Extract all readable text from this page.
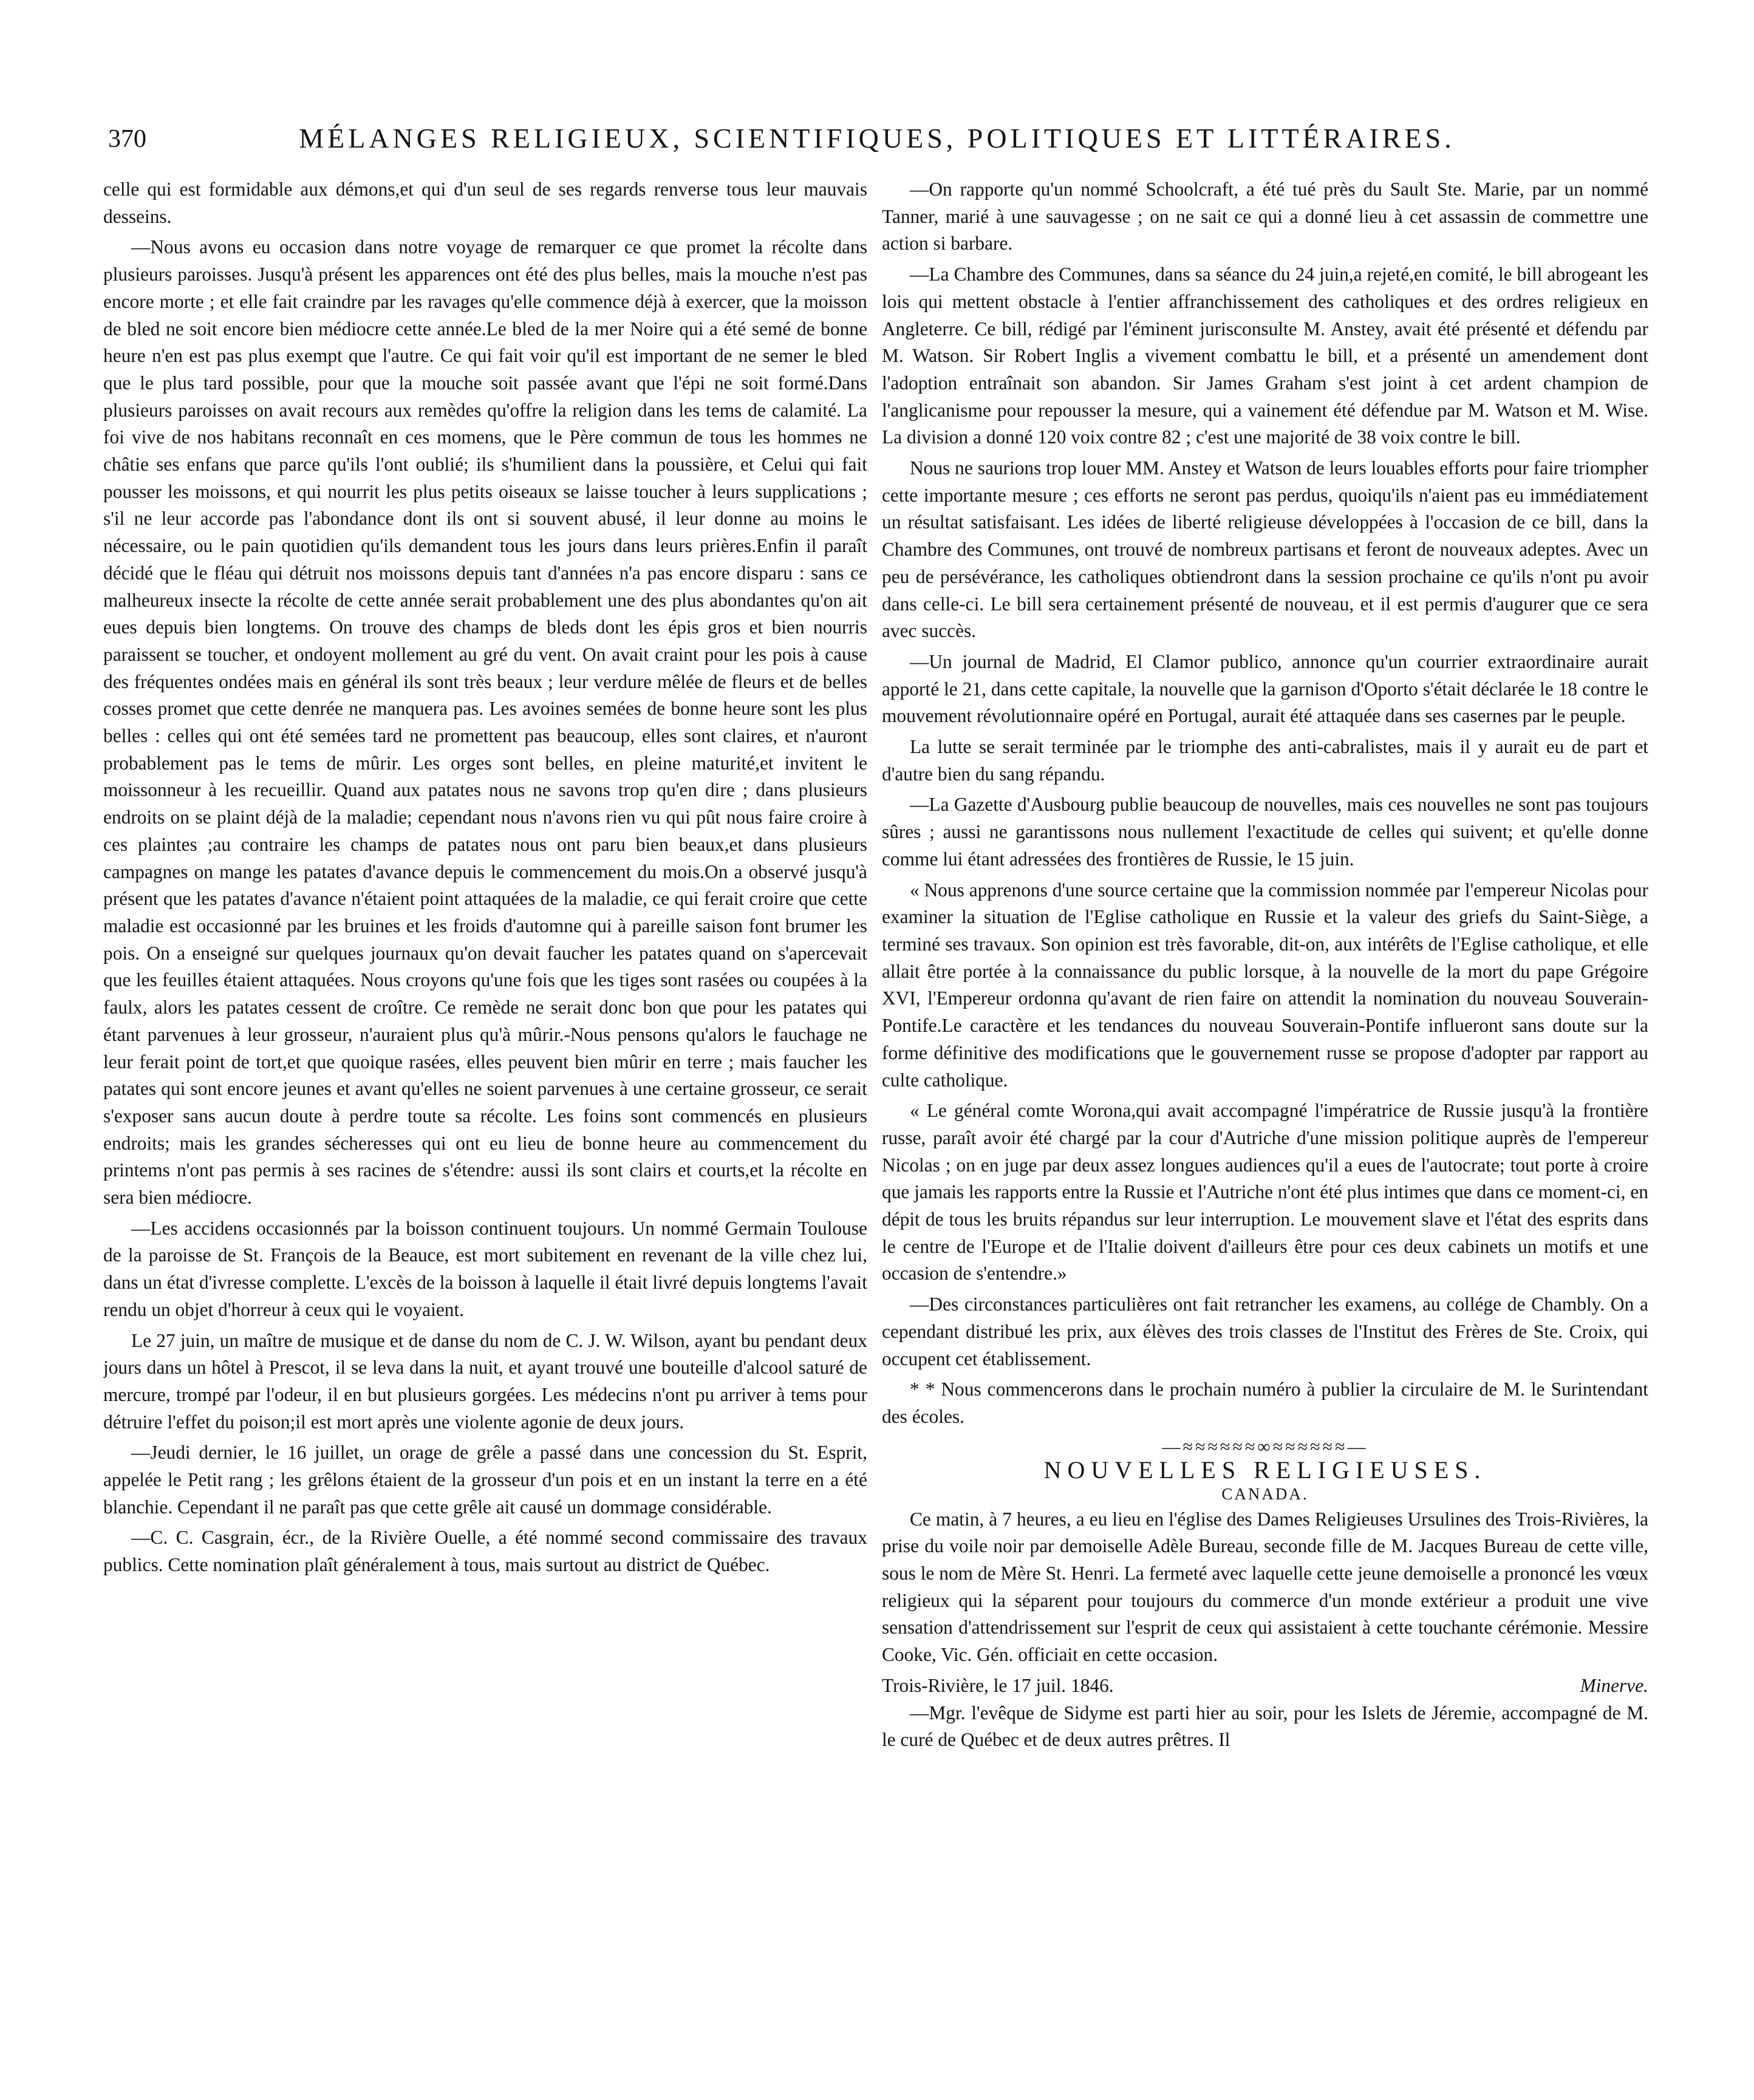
370	MÉLANGES RELIGIEUX, SCIENTIFIQUES, POLITIQUES ET LITTÉRAIRES.

celle qui est formidable aux démons,et qui d'un seul de ses regards renverse tous leur mauvais desseins.

—Nous avons eu occasion dans notre voyage de remarquer ce que promet la récolte dans plusieurs paroisses. Jusqu'à présent les apparences ont été des plus belles, mais la mouche n'est pas encore morte ; et elle fait craindre par les ravages qu'elle commence déjà à exercer, que la moisson de bled ne soit encore bien médiocre cette année.Le bled de la mer Noire qui a été semé de bonne heure n'en est pas plus exempt que l'autre. Ce qui fait voir qu'il est important de ne semer le bled que le plus tard possible, pour que la mouche soit passée avant que l'épi ne soit formé.Dans plusieurs paroisses on avait recours aux remèdes qu'offre la religion dans les tems de calamité. La foi vive de nos habitans reconnaît en ces momens, que le Père commun de tous les hommes ne châtie ses enfans que parce qu'ils l'ont oublié; ils s'humilient dans la poussière, et Celui qui fait pousser les moissons, et qui nourrit les plus petits oiseaux se laisse toucher à leurs supplications ; s'il ne leur accorde pas l'abondance dont ils ont si souvent abusé, il leur donne au moins le nécessaire, ou le pain quotidien qu'ils demandent tous les jours dans leurs prières.Enfin il paraît décidé que le fléau qui détruit nos moissons depuis tant d'années n'a pas encore disparu : sans ce malheureux insecte la récolte de cette année serait probablement une des plus abondantes qu'on ait eues depuis bien longtems. On trouve des champs de bleds dont les épis gros et bien nourris paraissent se toucher, et ondoyent mollement au gré du vent. On avait craint pour les pois à cause des fréquentes ondées mais en général ils sont très beaux ; leur verdure mêlée de fleurs et de belles cosses promet que cette denrée ne manquera pas. Les avoines semées de bonne heure sont les plus belles : celles qui ont été semées tard ne promettent pas beaucoup, elles sont claires, et n'auront probablement pas le tems de mûrir. Les orges sont belles, en pleine maturité,et invitent le moissonneur à les recueillir. Quand aux patates nous ne savons trop qu'en dire ; dans plusieurs endroits on se plaint déjà de la maladie; cependant nous n'avons rien vu qui pût nous faire croire à ces plaintes ;au contraire les champs de patates nous ont paru bien beaux,et dans plusieurs campagnes on mange les patates d'avance depuis le commencement du mois.On a observé jusqu'à présent que les patates d'avance n'étaient point attaquées de la maladie, ce qui ferait croire que cette maladie est occasionné par les bruines et les froids d'automne qui à pareille saison font brumer les pois. On a enseigné sur quelques journaux qu'on devait faucher les patates quand on s'apercevait que les feuilles étaient attaquées. Nous croyons qu'une fois que les tiges sont rasées ou coupées à la faulx, alors les patates cessent de croître. Ce remède ne serait donc bon que pour les patates qui étant parvenues à leur grosseur, n'auraient plus qu'à mûrir.-Nous pensons qu'alors le fauchage ne leur ferait point de tort,et que quoique rasées, elles peuvent bien mûrir en terre ; mais faucher les patates qui sont encore jeunes et avant qu'elles ne soient parvenues à une certaine grosseur, ce serait s'exposer sans aucun doute à perdre toute sa récolte. Les foins sont commencés en plusieurs endroits; mais les grandes sécheresses qui ont eu lieu de bonne heure au commencement du printems n'ont pas permis à ses racines de s'étendre: aussi ils sont clairs et courts,et la récolte en sera bien médiocre.

—Les accidens occasionnés par la boisson continuent toujours. Un nommé Germain Toulouse de la paroisse de St. François de la Beauce, est mort subitement en revenant de la ville chez lui, dans un état d'ivresse complette. L'excès de la boisson à laquelle il était livré depuis longtems l'avait rendu un objet d'horreur à ceux qui le voyaient.

Le 27 juin, un maître de musique et de danse du nom de C. J. W. Wilson, ayant bu pendant deux jours dans un hôtel à Prescot, il se leva dans la nuit, et ayant trouvé une bouteille d'alcool saturé de mercure, trompé par l'odeur, il en but plusieurs gorgées. Les médecins n'ont pu arriver à tems pour détruire l'effet du poison;il est mort après une violente agonie de deux jours.

—Jeudi dernier, le 16 juillet, un orage de grêle a passé dans une concession du St. Esprit, appelée le Petit rang ; les grêlons étaient de la grosseur d'un pois et en un instant la terre en a été blanchie. Cependant il ne paraît pas que cette grêle ait causé un dommage considérable.

—C. C. Casgrain, écr., de la Rivière Ouelle, a été nommé second commissaire des travaux publics. Cette nomination plaît généralement à tous, mais surtout au district de Québec.

—On rapporte qu'un nommé Schoolcraft, a été tué près du Sault Ste. Marie, par un nommé Tanner, marié à une sauvagesse ; on ne sait ce qui a donné lieu à cet assassin de commettre une action si barbare.

—La Chambre des Communes, dans sa séance du 24 juin,a rejeté,en comité, le bill abrogeant les lois qui mettent obstacle à l'entier affranchissement des catholiques et des ordres religieux en Angleterre. Ce bill, rédigé par l'éminent jurisconsulte M. Anstey, avait été présenté et défendu par M. Watson. Sir Robert Inglis a vivement combattu le bill, et a présenté un amendement dont l'adoption entraînait son abandon. Sir James Graham s'est joint à cet ardent champion de l'anglicanisme pour repousser la mesure, qui a vainement été défendue par M. Watson et M. Wise. La division a donné 120 voix contre 82 ; c'est une majorité de 38 voix contre le bill.

Nous ne saurions trop louer MM. Anstey et Watson de leurs louables efforts pour faire triompher cette importante mesure ; ces efforts ne seront pas perdus, quoiqu'ils n'aient pas eu immédiatement un résultat satisfaisant. Les idées de liberté religieuse développées à l'occasion de ce bill, dans la Chambre des Communes, ont trouvé de nombreux partisans et feront de nouveaux adeptes. Avec un peu de persévérance, les catholiques obtiendront dans la session prochaine ce qu'ils n'ont pu avoir dans celle-ci. Le bill sera certainement présenté de nouveau, et il est permis d'augurer que ce sera avec succès.

—Un journal de Madrid, El Clamor publico, annonce qu'un courrier extraordinaire aurait apporté le 21, dans cette capitale, la nouvelle que la garnison d'Oporto s'était déclarée le 18 contre le mouvement révolutionnaire opéré en Portugal, aurait été attaquée dans ses casernes par le peuple.

La lutte se serait terminée par le triomphe des anti-cabralistes, mais il y aurait eu de part et d'autre bien du sang répandu.

—La Gazette d'Ausbourg publie beaucoup de nouvelles, mais ces nouvelles ne sont pas toujours sûres ; aussi ne garantissons nous nullement l'exactitude de celles qui suivent; et qu'elle donne comme lui étant adressées des frontières de Russie, le 15 juin.

« Nous apprenons d'une source certaine que la commission nommée par l'empereur Nicolas pour examiner la situation de l'Eglise catholique en Russie et la valeur des griefs du Saint-Siège, a terminé ses travaux. Son opinion est très favorable, dit-on, aux intérêts de l'Eglise catholique, et elle allait être portée à la connaissance du public lorsque, à la nouvelle de la mort du pape Grégoire XVI, l'Empereur ordonna qu'avant de rien faire on attendit la nomination du nouveau Souverain-Pontife.Le caractère et les tendances du nouveau Souverain-Pontife influeront sans doute sur la forme définitive des modifications que le gouvernement russe se propose d'adopter par rapport au culte catholique.

« Le général comte Worona,qui avait accompagné l'impératrice de Russie jusqu'à la frontière russe, paraît avoir été chargé par la cour d'Autriche d'une mission politique auprès de l'empereur Nicolas ; on en juge par deux assez longues audiences qu'il a eues de l'autocrate; tout porte à croire que jamais les rapports entre la Russie et l'Autriche n'ont été plus intimes que dans ce moment-ci, en dépit de tous les bruits répandus sur leur interruption. Le mouvement slave et l'état des esprits dans le centre de l'Europe et de l'Italie doivent d'ailleurs être pour ces deux cabinets un motifs et une occasion de s'entendre.»

—Des circonstances particulières ont fait retrancher les examens, au collége de Chambly. On a cependant distribué les prix, aux élèves des trois classes de l'Institut des Frères de Ste. Croix, qui occupent cet établissement.

* * Nous commencerons dans le prochain numéro à publier la circulaire de M. le Surintendant des écoles.

—≈≈≈≈≈≈∞≈≈≈≈≈≈—
NOUVELLES RELIGIEUSES.
CANADA.

Ce matin, à 7 heures, a eu lieu en l'église des Dames Religieuses Ursulines des Trois-Rivières, la prise du voile noir par demoiselle Adèle Bureau, seconde fille de M. Jacques Bureau de cette ville, sous le nom de Mère St. Henri. La fermeté avec laquelle cette jeune demoiselle a prononcé les vœux religieux qui la séparent pour toujours du commerce d'un monde extérieur a produit une vive sensation d'attendrissement sur l'esprit de ceux qui assistaient à cette touchante cérémonie. Messire Cooke, Vic. Gén. officiait en cette occasion.

Trois-Rivière, le 17 juil. 1846.	Minerve.

—Mgr. l'evêque de Sidyme est parti hier au soir, pour les Islets de Jéremie, accompagné de M. le curé de Québec et de deux autres prêtres. Il
